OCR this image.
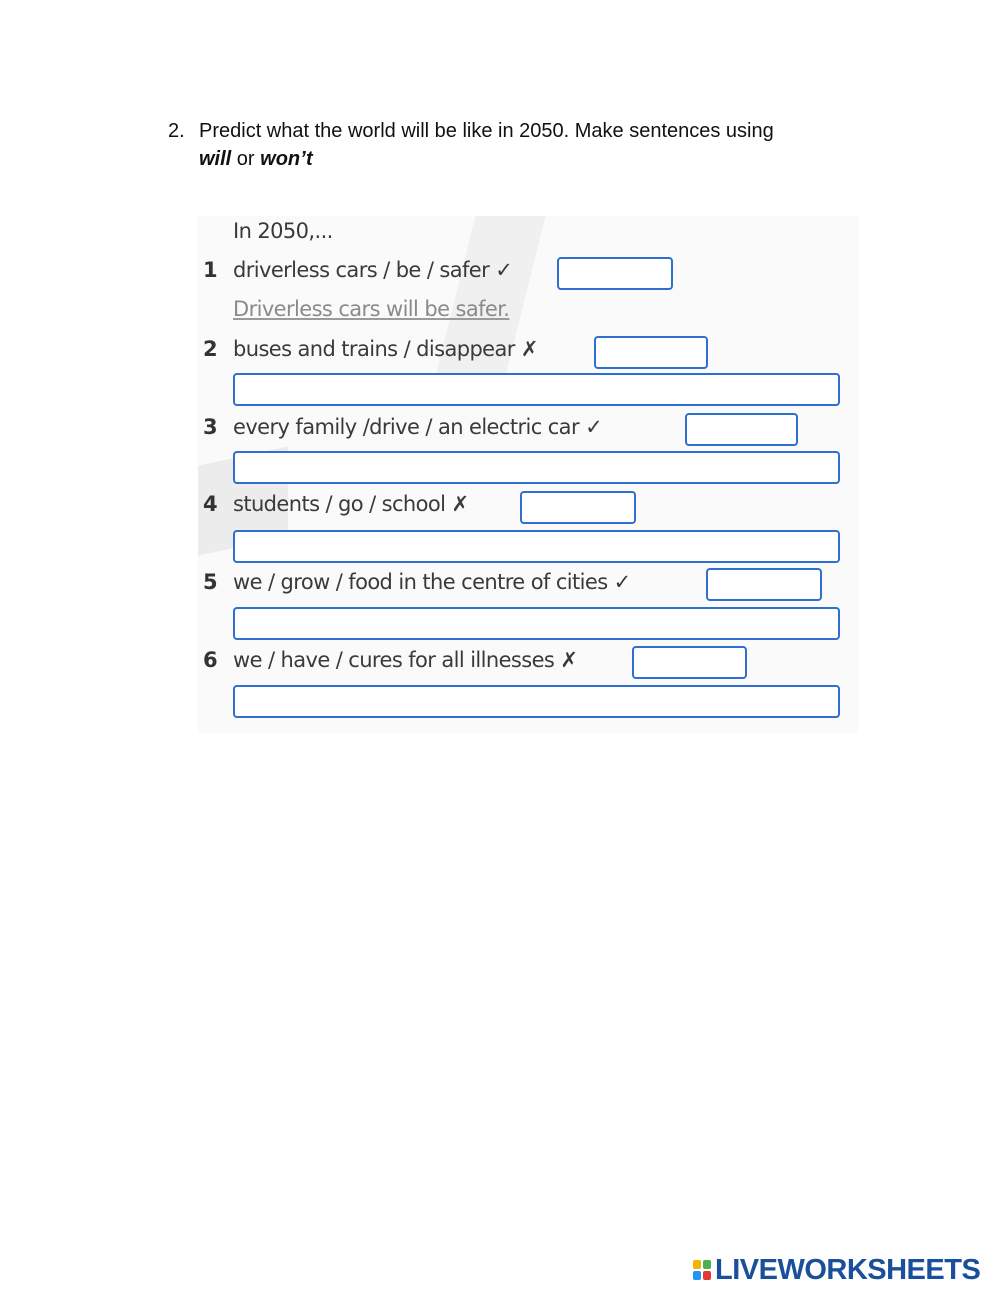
2. Predict what the world will be like in 2050. Make sentences using
will or won’t
In 2050,...
1 driverless cars / be / safer ✓
Driverless cars will be safer.
2 buses and trains / disappear ✗
3 every family /drive / an electric car ✓
4 students / go / school ✗
5 we / grow / food in the centre of cities ✓
6 we / have / cures for all illnesses ✗
LIVEWORKSHEETS
